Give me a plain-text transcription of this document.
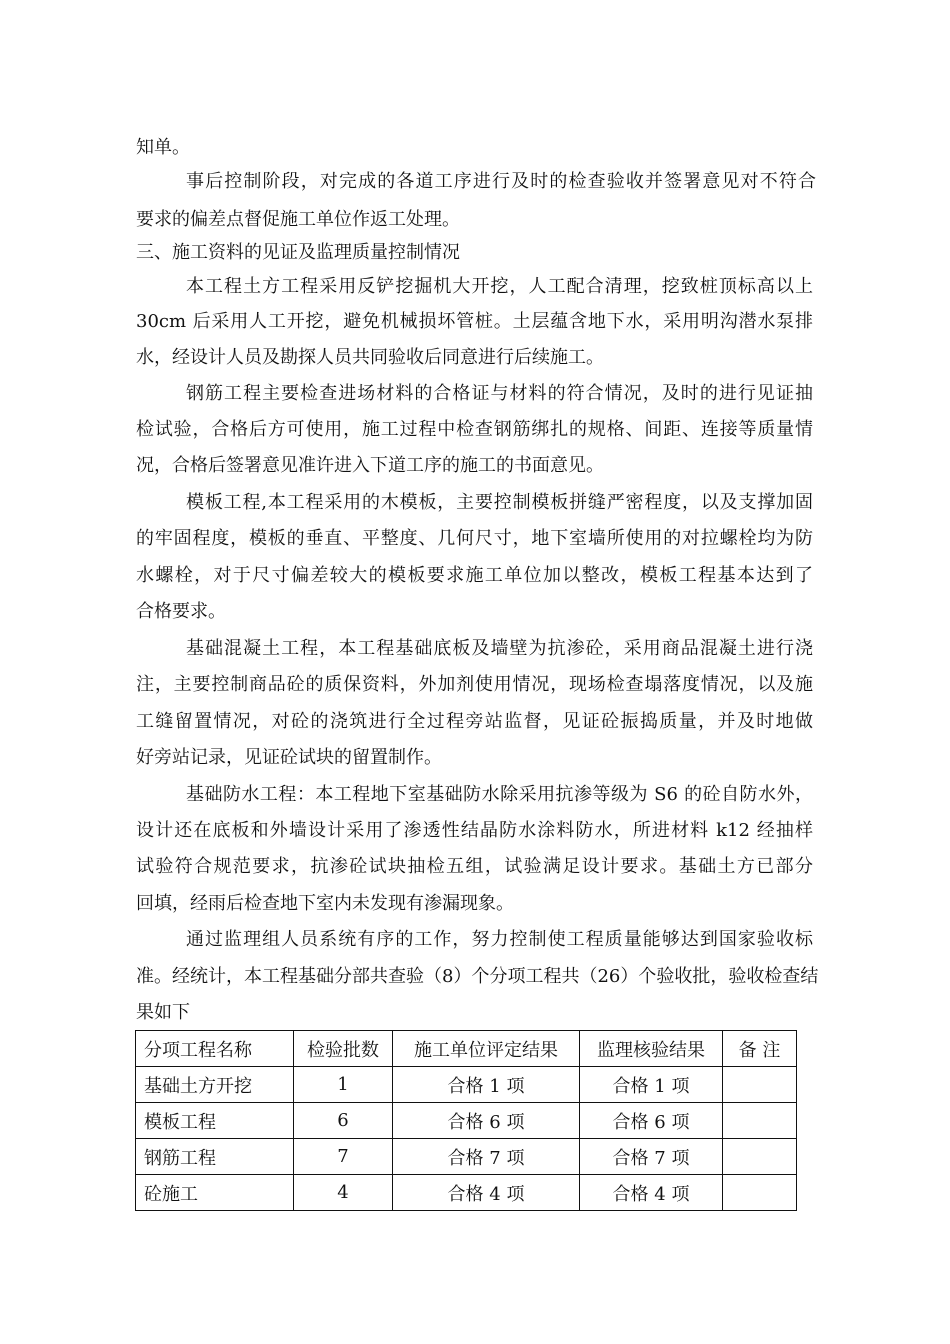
知单。
事后控制阶段，对完成的各道工序进行及时的检查验收并签署意见对不符合
要求的偏差点督促施工单位作返工处理。
三、施工资料的见证及监理质量控制情况
本工程土方工程采用反铲挖掘机大开挖，人工配合清理，挖致桩顶标高以上
30cm 后采用人工开挖，避免机械损坏管桩。土层蕴含地下水，采用明沟潜水泵排
水，经设计人员及勘探人员共同验收后同意进行后续施工。
钢筋工程主要检查进场材料的合格证与材料的符合情况，及时的进行见证抽
检试验，合格后方可使用，施工过程中检查钢筋绑扎的规格、间距、连接等质量情
况，合格后签署意见准许进入下道工序的施工的书面意见。
模板工程,本工程采用的木模板，主要控制模板拼缝严密程度，以及支撑加固
的牢固程度，模板的垂直、平整度、几何尺寸，地下室墙所使用的对拉螺栓均为防
水螺栓，对于尺寸偏差较大的模板要求施工单位加以整改，模板工程基本达到了
合格要求。
基础混凝土工程，本工程基础底板及墙壁为抗渗砼，采用商品混凝土进行浇
注，主要控制商品砼的质保资料，外加剂使用情况，现场检查塌落度情况，以及施
工缝留置情况，对砼的浇筑进行全过程旁站监督，见证砼振捣质量，并及时地做
好旁站记录，见证砼试块的留置制作。
基础防水工程：本工程地下室基础防水除采用抗渗等级为 S6 的砼自防水外，
设计还在底板和外墙设计采用了渗透性结晶防水涂料防水，所进材料 k12 经抽样
试验符合规范要求，抗渗砼试块抽检五组，试验满足设计要求。基础土方已部分
回填，经雨后检查地下室内未发现有渗漏现象。
通过监理组人员系统有序的工作，努力控制使工程质量能够达到国家验收标
准。经统计，本工程基础分部共查验（8）个分项工程共（26）个验收批，验收检查结
果如下
分项工程名称	检验批数	施工单位评定结果	监理核验结果	备 注
基础土方开挖	1	合格 1 项	合格 1 项	
模板工程	6	合格 6 项	合格 6 项	
钢筋工程	7	合格 7 项	合格 7 项	
砼施工	4	合格 4 项	合格 4 项	
